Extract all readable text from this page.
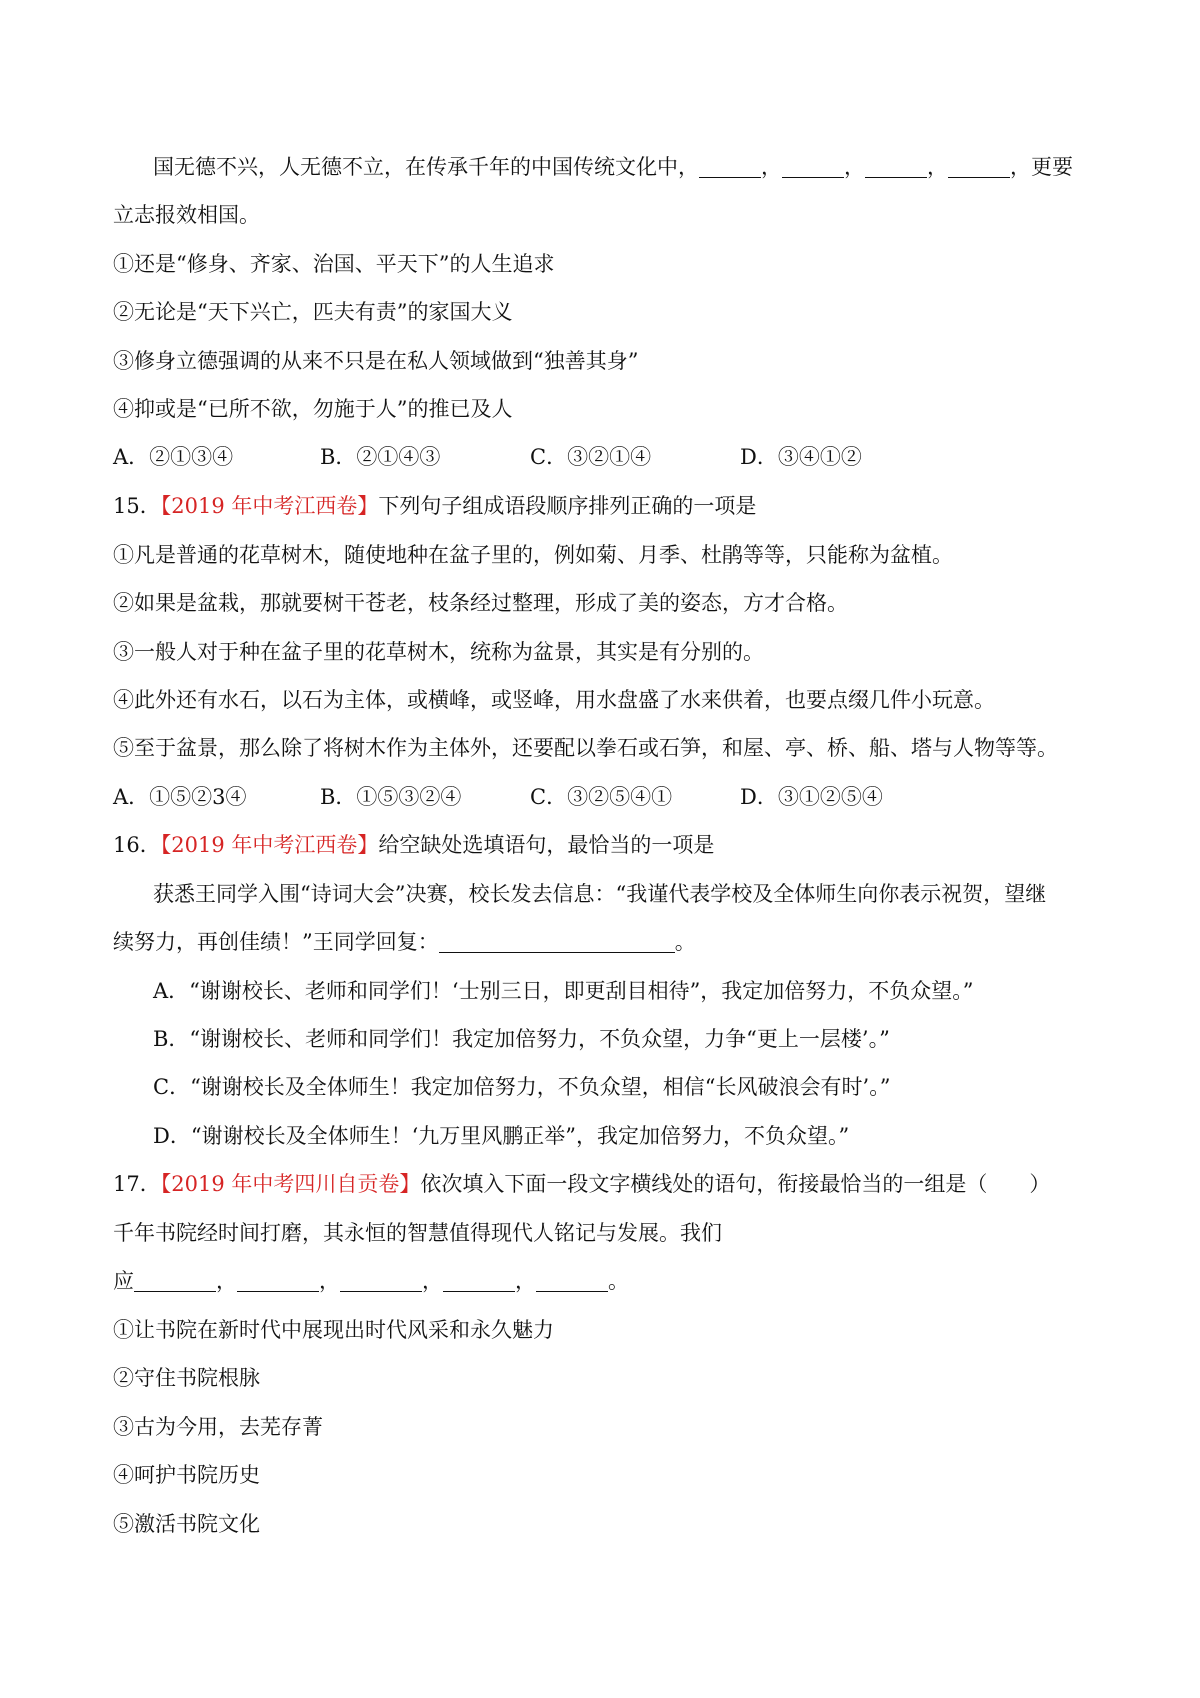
国无德不兴，人无德不立，在传承千年的中国传统文化中，	，	，	，	，更要
立志报效相国。
①还是“修身、齐家、治国、平天下”的人生追求
②无论是“天下兴亡，匹夫有责”的家国大义
③修身立德强调的从来不只是在私人领域做到“独善其身”
④抑或是“已所不欲，勿施于人”的推已及人
A．②①③④	B．②①④③	C．③②①④	D．③④①②
15．【2019 年中考江西卷】下列句子组成语段顺序排列正确的一项是
①凡是普通的花草树木，随使地种在盆子里的，例如菊、月季、杜鹃等等，只能称为盆植。
②如果是盆栽，那就要树干苍老，枝条经过整理，形成了美的姿态，方才合格。
③一般人对于种在盆子里的花草树木，统称为盆景，其实是有分别的。
④此外还有水石，以石为主体，或横峰，或竖峰，用水盘盛了水来供着，也要点缀几件小玩意。
⑤至于盆景，那么除了将树木作为主体外，还要配以拳石或石笋，和屋、亭、桥、船、塔与人物等等。
A．①⑤②3④	B．①⑤③②④	C．③②⑤④①	D．③①②⑤④
16．【2019 年中考江西卷】给空缺处选填语句，最恰当的一项是
获悉王同学入围“诗词大会”决赛，校长发去信息：“我谨代表学校及全体师生向你表示祝贺，望继
续努力，再创佳绩！”王同学回复：	。
A．“谢谢校长、老师和同学们！‘士别三日，即更刮目相待”，我定加倍努力，不负众望。”
B．“谢谢校长、老师和同学们！我定加倍努力，不负众望，力争“更上一层楼’。”
C．“谢谢校长及全体师生！我定加倍努力，不负众望，相信“长风破浪会有时’。”
D．“谢谢校长及全体师生！‘九万里风鹏正举”，我定加倍努力，不负众望。”
17．【2019 年中考四川自贡卷】依次填入下面一段文字横线处的语句，衔接最恰当的一组是（　　）
千年书院经时间打磨，其永恒的智慧值得现代人铭记与发展。我们
应	，	，	，	，	。
①让书院在新时代中展现出时代风采和永久魅力
②守住书院根脉
③古为今用，去芜存菁
④呵护书院历史
⑤激活书院文化
